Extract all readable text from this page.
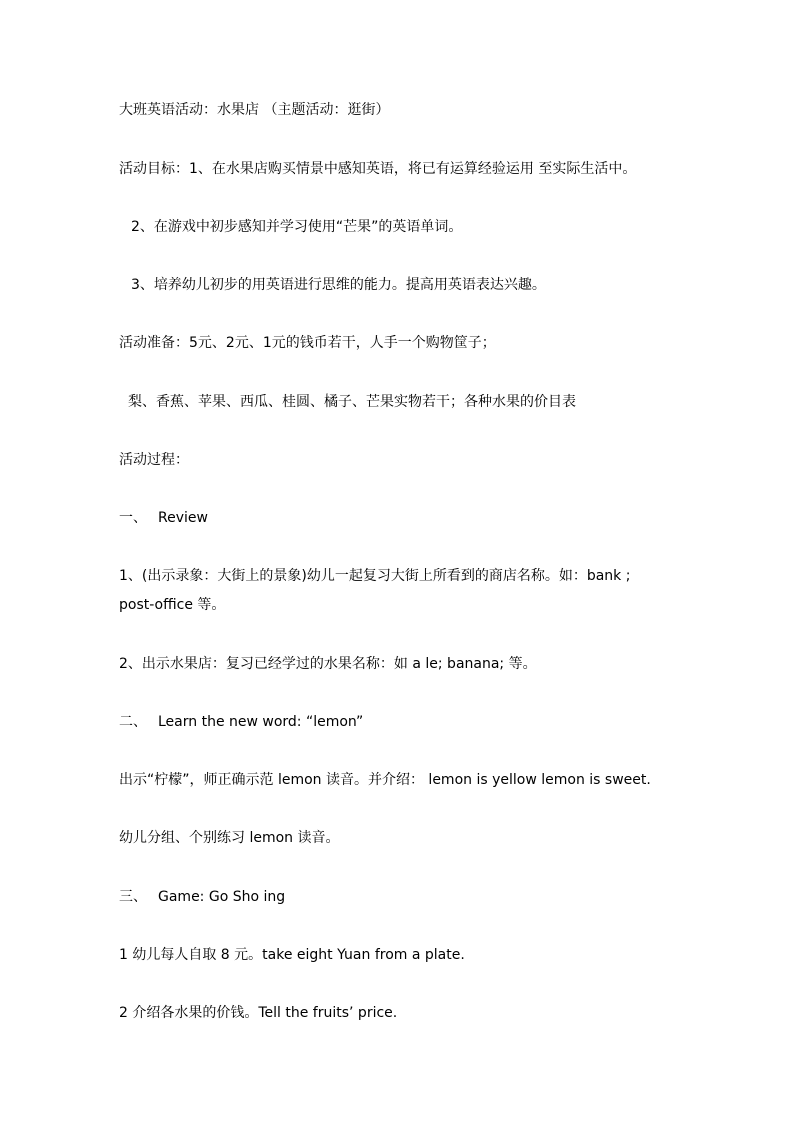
大班英语活动：水果店 （主题活动：逛街）
活动目标：1、在水果店购买情景中感知英语，将已有运算经验运用 至实际生活中。
2、在游戏中初步感知并学习使用“芒果”的英语单词。
3、培养幼儿初步的用英语进行思维的能力。提高用英语表达兴趣。
活动准备：5元、2元、1元的钱币若干，人手一个购物筐子；
梨、香蕉、苹果、西瓜、桂圆、橘子、芒果实物若干；各种水果的价目表
活动过程：
一、 Review
1、(出示录象：大街上的景象)幼儿一起复习大街上所看到的商店名称。如：bank ;
post-office 等。
2、出示水果店：复习已经学过的水果名称：如 a le; banana; 等。
二、 Learn the new word: “lemon”
出示“柠檬”，师正确示范 lemon 读音。并介绍： lemon is yellow lemon is sweet.
幼儿分组、个别练习 lemon 读音。
三、 Game: Go Sho ing
1 幼儿每人自取 8 元。take eight Yuan from a plate.
2 介绍各水果的价钱。Tell the fruits’ price.
